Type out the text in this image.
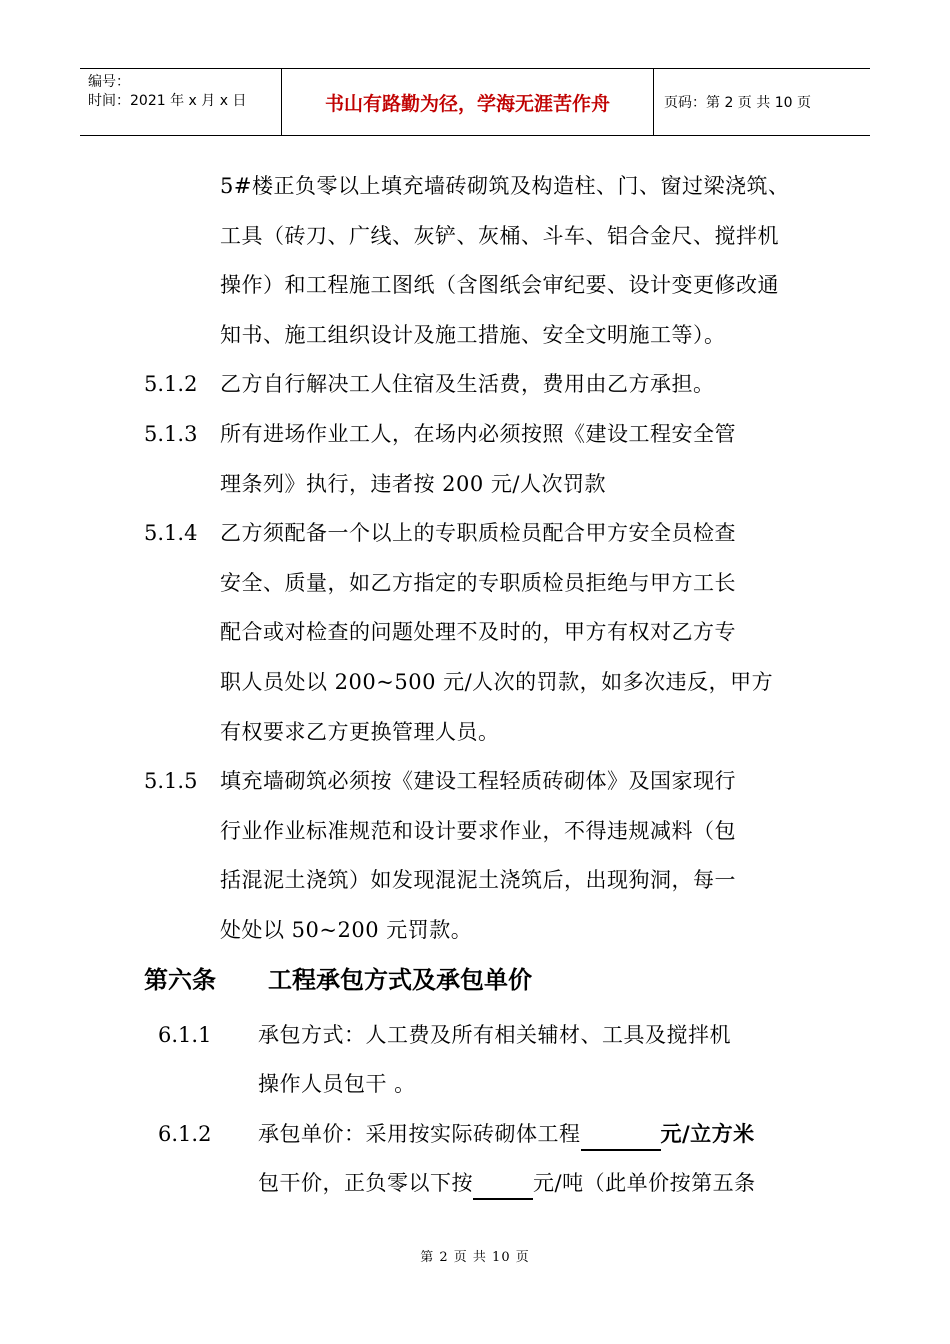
编号：
时间：2021 年 x 月 x 日	书山有路勤为径，学海无涯苦作舟	页码：第 2 页 共 10 页
5#楼正负零以上填充墙砖砌筑及构造柱、门、窗过梁浇筑、
工具（砖刀、广线、灰铲、灰桶、斗车、铝合金尺、搅拌机
操作）和工程施工图纸（含图纸会审纪要、设计变更修改通
知书、施工组织设计及施工措施、安全文明施工等）。
5.1.2 乙方自行解决工人住宿及生活费，费用由乙方承担。
5.1.3 所有进场作业工人，在场内必须按照《建设工程安全管
理条列》执行，违者按 200 元/人次罚款
5.1.4 乙方须配备一个以上的专职质检员配合甲方安全员检查
安全、质量，如乙方指定的专职质检员拒绝与甲方工长
配合或对检查的问题处理不及时的，甲方有权对乙方专
职人员处以 200~500 元/人次的罚款，如多次违反，甲方
有权要求乙方更换管理人员。
5.1.5 填充墙砌筑必须按《建设工程轻质砖砌体》及国家现行
行业作业标准规范和设计要求作业，不得违规减料（包
括混泥土浇筑）如发现混泥土浇筑后，出现狗洞，每一
处处以 50~200 元罚款。
第六条 工程承包方式及承包单价
6.1.1 承包方式：人工费及所有相关辅材、工具及搅拌机
操作人员包干 。
6.1.2 承包单价：采用按实际砖砌体工程	元/立方米
包干价，正负零以下按	元/吨（此单价按第五条
第 2 页 共 10 页
